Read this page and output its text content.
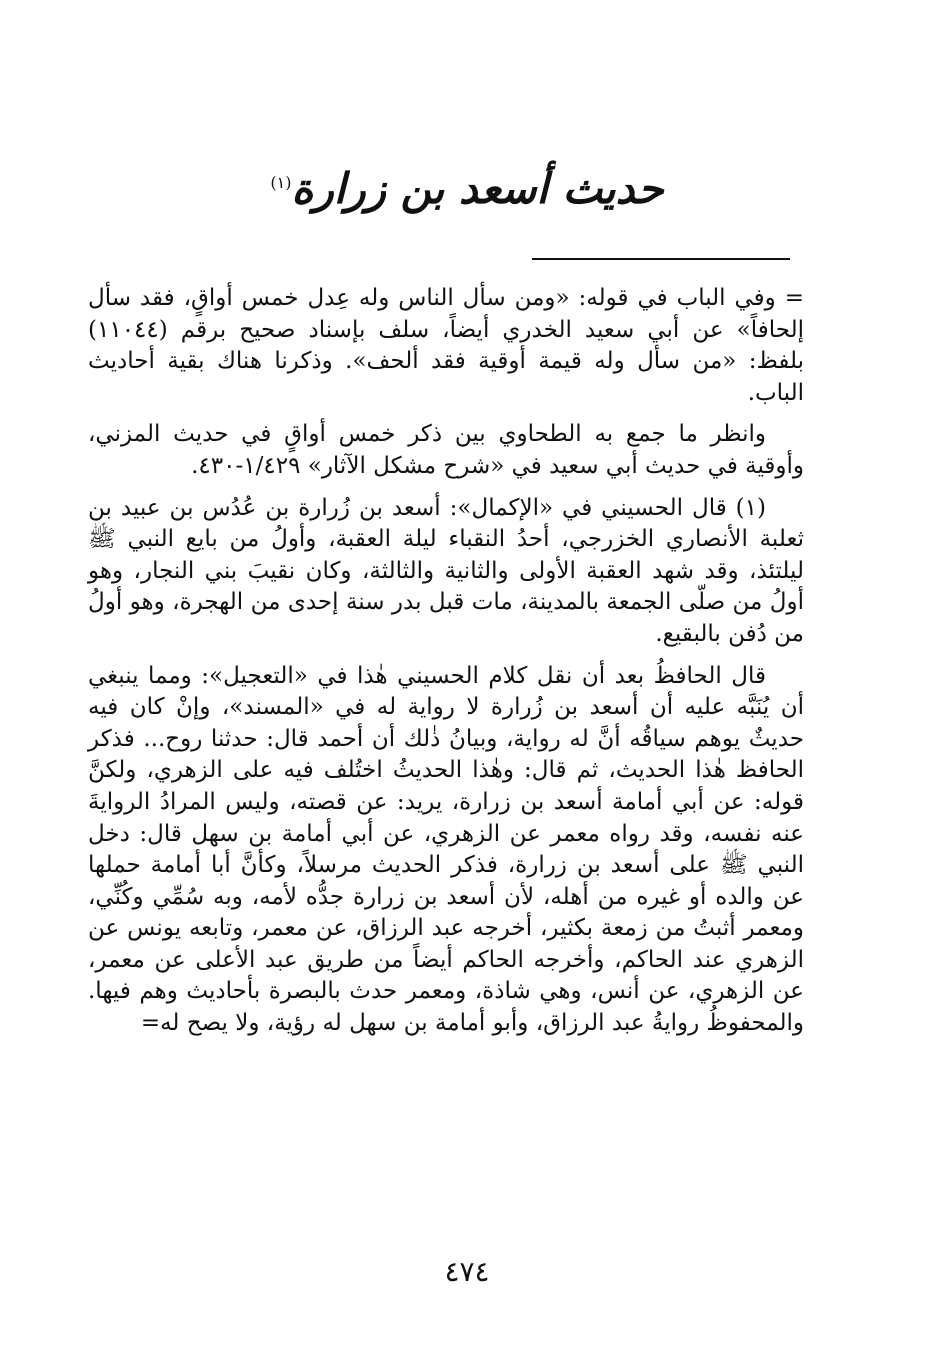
حديث أسعد بن زرارة$^{(١)}$

= وفي الباب في قوله: «ومن سأل الناس وله عِدل خمس أواقٍ، فقد سأل إلحافاً» عن أبي سعيد الخدري أيضاً، سلف بإسناد صحيح برقم (١١٠٤٤) بلفظ: «من سأل وله قيمة أوقية فقد ألحف». وذكرنا هناك بقية أحاديث الباب.

وانظر ما جمع به الطحاوي بين ذكر خمس أواقٍ في حديث المزني، وأوقية في حديث أبي سعيد في «شرح مشكل الآثار» ١/٤٢٩-٤٣٠.

(١) قال الحسيني في «الإكمال»: أسعد بن زُرارة بن عُدُس بن عبيد بن ثعلبة الأنصاري الخزرجي، أحدُ النقباء ليلة العقبة، وأولُ من بايع النبي ﷺ ليلتئذ، وقد شهد العقبة الأولى والثانية والثالثة، وكان نقيبَ بني النجار، وهو أولُ من صلّى الجمعة بالمدينة، مات قبل بدر سنة إحدى من الهجرة، وهو أولُ من دُفن بالبقيع.

قال الحافظُ بعد أن نقل كلام الحسيني هٰذا في «التعجيل»: ومما ينبغي أن يُنَبَّه عليه أن أسعد بن زُرارة لا رواية له في «المسند»، وإنْ كان فيه حديثٌ يوهم سياقُه أنَّ له رواية، وبيانُ ذٰلك أن أحمد قال: حدثنا روح... فذكر الحافظ هٰذا الحديث، ثم قال: وهٰذا الحديثُ اختُلف فيه على الزهري، ولكنَّ قوله: عن أبي أمامة أسعد بن زرارة، يريد: عن قصته، وليس المرادُ الروايةَ عنه نفسه، وقد رواه معمر عن الزهري، عن أبي أمامة بن سهل قال: دخل النبي ﷺ على أسعد بن زرارة، فذكر الحديث مرسلاً، وكأنَّ أبا أمامة حملها عن والده أو غيره من أهله، لأن أسعد بن زرارة جدُّه لأمه، وبه سُمِّي وكُنِّي، ومعمر أثبتُ من زمعة بكثير، أخرجه عبد الرزاق، عن معمر، وتابعه يونس عن الزهري عند الحاكم، وأخرجه الحاكم أيضاً من طريق عبد الأعلى عن معمر، عن الزهري، عن أنس، وهي شاذة، ومعمر حدث بالبصرة بأحاديث وهم فيها. والمحفوظُ روايةُ عبد الرزاق، وأبو أمامة بن سهل له رؤية، ولا يصح له=

٤٧٤
